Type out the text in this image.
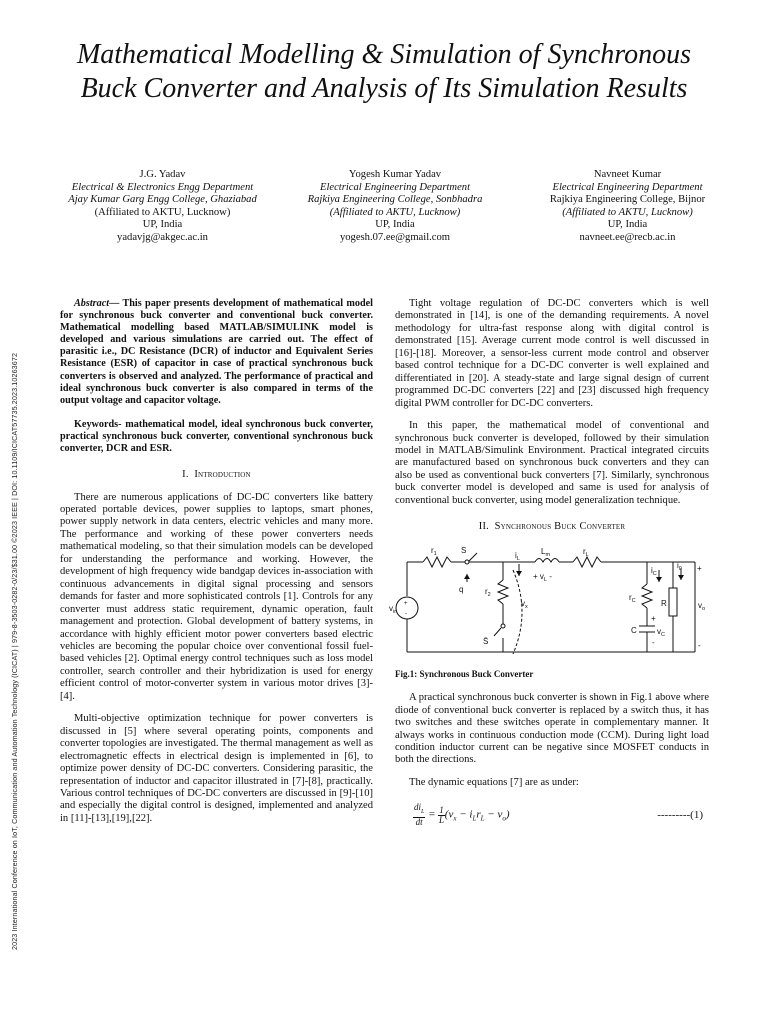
2023 International Conference on IoT, Communication and Automation Technology (ICICAT) | 979-8-3503-0282-0/23/$31.00 ©2023 IEEE | DOI: 10.1109/ICICAT57735.2023.10263672
Mathematical Modelling & Simulation of Synchronous Buck Converter and Analysis of Its Simulation Results
J.G. Yadav
Electrical & Electronics Engg Department
Ajay Kumar Garg Engg College, Ghaziabad
(Affiliated to AKTU, Lucknow)
UP, India
yadavjg@akgec.ac.in
Yogesh Kumar Yadav
Electrical Engineering Department
Rajkiya Engineering College, Sonbhadra
(Affiliated to AKTU, Lucknow)
UP, India
yogesh.07.ee@gmail.com
Navneet Kumar
Electrical Engineering Department
Rajkiya Engineering College, Bijnor
(Affiliated to AKTU, Lucknow)
UP, India
navneet.ee@recb.ac.in

Abstract— This paper presents development of mathematical model for synchronous buck converter and conventional buck converter. Mathematical modelling based MATLAB/SIMULINK model is developed and various simulations are carried out. The effect of parasitic i.e., DC Resistance (DCR) of inductor and Equivalent Series Resistance (ESR) of capacitor in case of practical synchronous buck converters is observed and analyzed. The performance of practical and ideal synchronous buck converter is also compared in terms of the output voltage and capacitor voltage.

Keywords- mathematical model, ideal synchronous buck converter, practical synchronous buck converter, conventional synchronous buck converter, DCR and ESR.

I. Introduction

There are numerous applications of DC-DC converters like battery operated portable devices, power supplies to laptops, smart phones, power supply network in data centers, electric vehicles and many more. The performance and working of these power converters needs mathematical modeling, so that their simulation models can be developed for understanding the performance and working. However, the development of high frequency wide bandgap devices in-association with continuous advancements in digital signal processing and sensors demands for faster and more sophisticated controls [1]. Controls for any converter must address static requirement, dynamic operation, fault management and protection. Global development of battery systems, in accordance with highly efficient motor power converters based electric vehicles are becoming the popular choice over conventional fossil fuel-based vehicles [2]. Optimal energy control techniques such as loss model controller, search controller and their hybridization is used for energy efficient control of motor-converter system in various motor drives [3]-[4].

Multi-objective optimization technique for power converters is discussed in [5] where several operating points, components and converter topologies are investigated. The thermal management as well as electromagnetic effects in electrical design is implemented in [6], to optimize power density of DC-DC converters. Considering parasitic, the representation of inductor and capacitor illustrated in [7]-[8], practically. Various control techniques of DC-DC converters are discussed in [9]-[10] and especially the digital control is designed, implemented and analyzed in [11]-[13],[19],[22].

Tight voltage regulation of DC-DC converters which is well demonstrated in [14], is one of the demanding requirements. A novel methodology for ultra-fast response along with digital control is demonstrated [15]. Average current mode control is well discussed in [16]-[18]. Moreover, a sensor-less current mode control and observer based control technique for a DC-DC converter is well explained and differentiated in [20]. A steady-state and large signal design of current programmed DC-DC converters [22] and [23] discussed high frequency digital PWM controller for DC-DC converters.

In this paper, the mathematical model of conventional and synchronous buck converter is developed, followed by their simulation model in MATLAB/Simulink Environment. Practical integrated circuits are manufactured based on synchronous buck converters and they can also be used as conventional buck converters [7]. Similarly, synchronous buck converter model is developed and same is used for analysis of conventional buck converter, using model generalization technique.

II. Synchronous Buck Converter

$r_1$	S
q	$r_2$
S̄
$v_{in}$
$i_L$
$L_m$
+ $v_L$ -
$r_L$
$v_x$
$i_C$
$i_0$
$r_C$	R	$v_o$
C
+
$v_C$
-
+
-
+
-

Fig.1: Synchronous Buck Converter

A practical synchronous buck converter is shown in Fig.1 above where diode of conventional buck converter is replaced by a switch thus, it has two switches and these switches operate in complementary manner. It always works in continuous conduction mode (CCM). During light load condition inductor current can be negative since MOSFET conducts in both the directions.

The dynamic equations [7] are as under:

$\frac{di_L}{dt} = \frac{1}{L} (v_x - i_Lr_L - v_o)$	---------(1)
